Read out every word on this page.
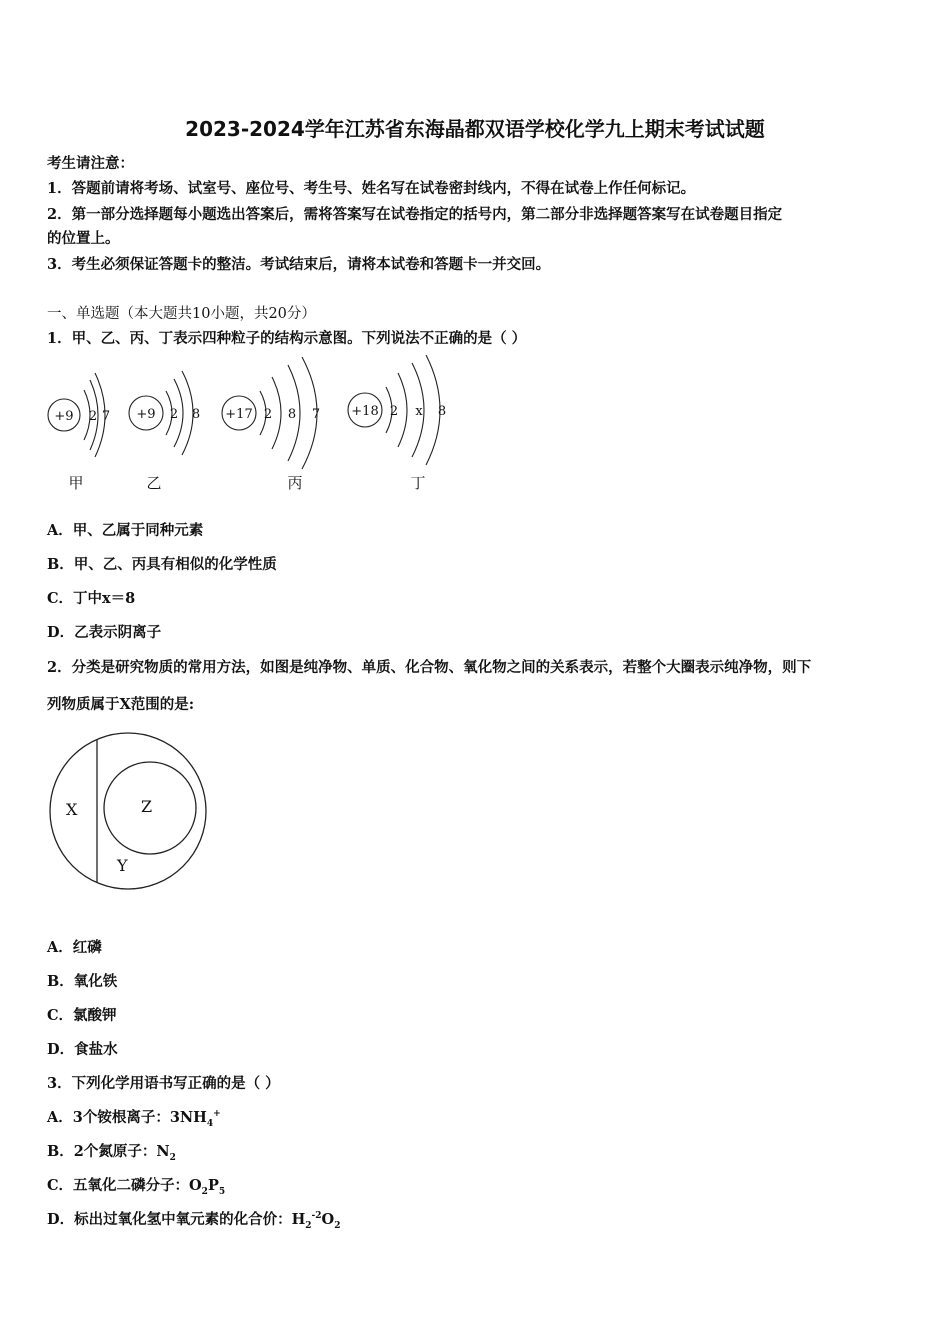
2023-2024学年江苏省东海晶都双语学校化学九上期末考试试题
考生请注意：
1．答题前请将考场、试室号、座位号、考生号、姓名写在试卷密封线内，不得在试卷上作任何标记。
2．第一部分选择题每小题选出答案后，需将答案写在试卷指定的括号内，第二部分非选择题答案写在试卷题目指定
的位置上。
3．考生必须保证答题卡的整洁。考试结束后，请将本试卷和答题卡一并交回。
一、单选题（本大题共10小题，共20分）
1．甲、乙、丙、丁表示四种粒子的结构示意图。下列说法不正确的是（ ）
+9 2 7
甲
+9 2 8
乙
+17 2 8 7
丙
+18 2 x 8
丁
A．甲、乙属于同种元素
B．甲、乙、丙具有相似的化学性质
C．丁中x＝8
D．乙表示阴离子
2．分类是研究物质的常用方法，如图是纯净物、单质、化合物、氧化物之间的关系表示，若整个大圈表示纯净物，则下
列物质属于X范围的是:
X	Z
Y
A．红磷
B．氧化铁
C．氯酸钾
D．食盐水
3．下列化学用语书写正确的是（ ）
A．3个铵根离子：$3NH_4^+$
B．2个氮原子：$N_2$
C．五氧化二磷分子：$O_2P_5$
D．标出过氧化氢中氧元素的化合价：$H_2^{-2}O_2$
